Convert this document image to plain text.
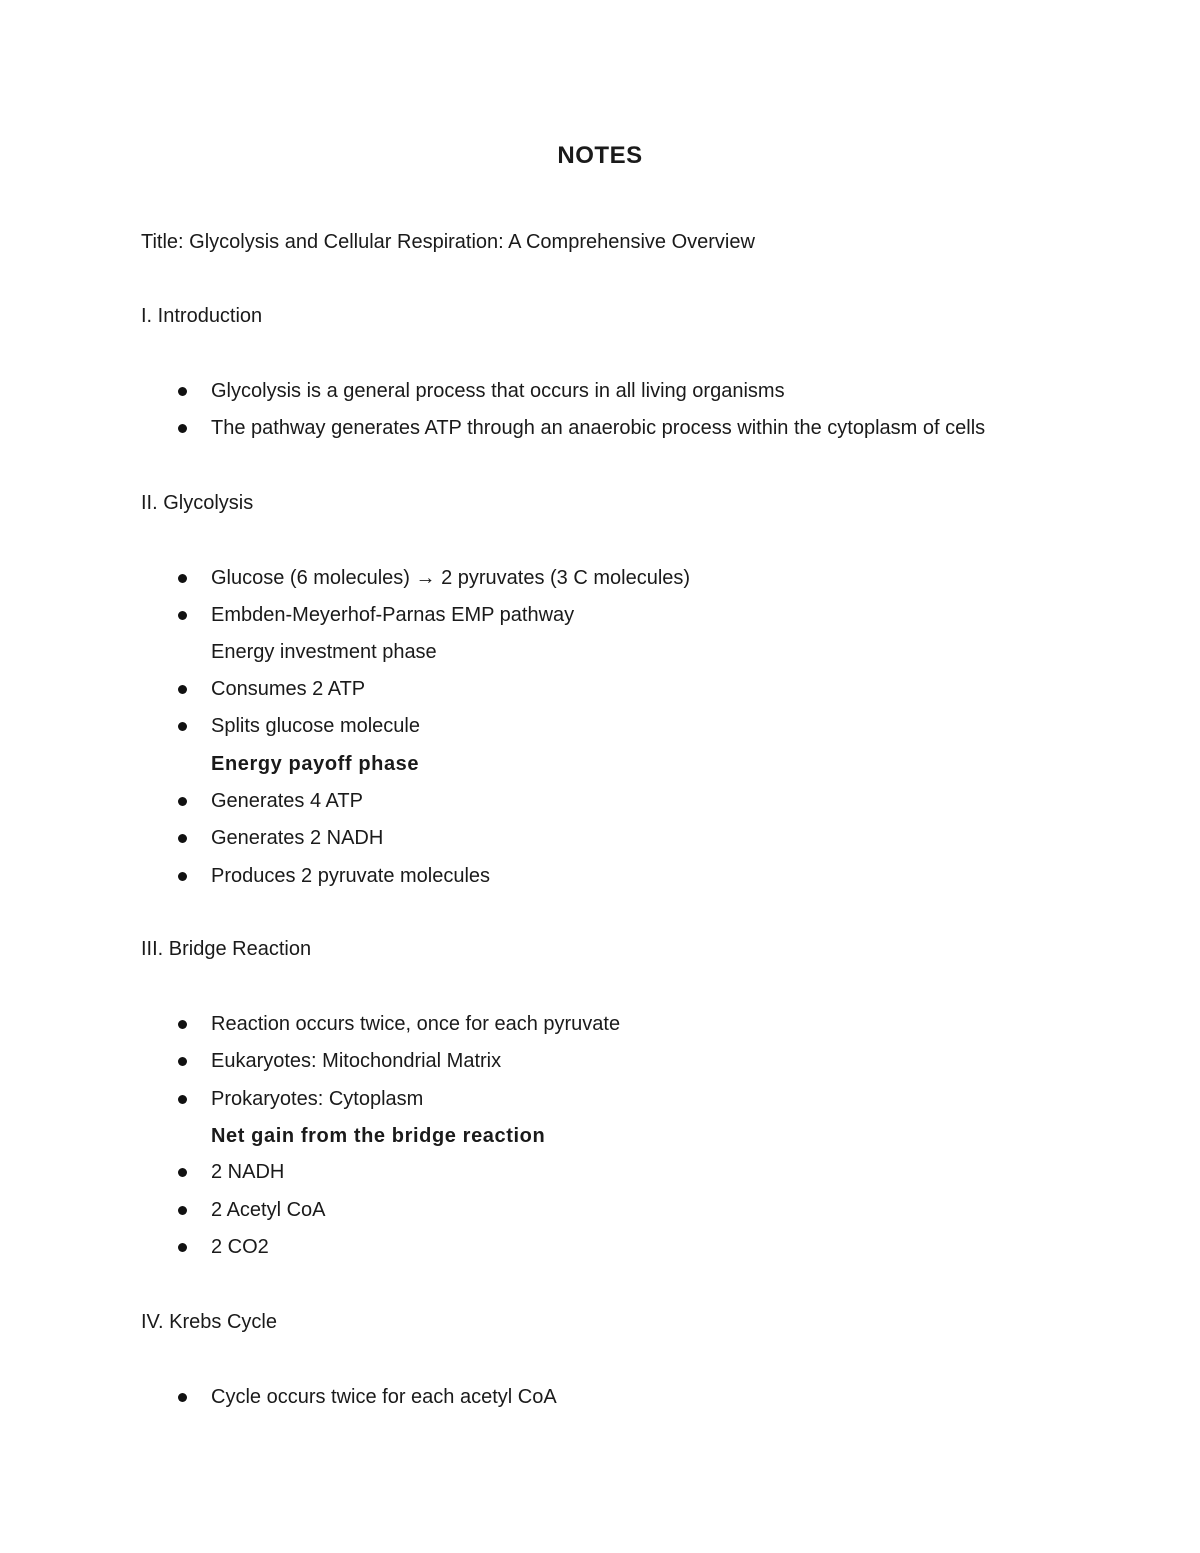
NOTES
Title: Glycolysis and Cellular Respiration: A Comprehensive Overview
I. Introduction
Glycolysis is a general process that occurs in all living organisms
The pathway generates ATP through an anaerobic process within the cytoplasm of cells
II. Glycolysis
Glucose (6 molecules) → 2 pyruvates (3 C molecules)
Embden-Meyerhof-Parnas EMP pathway
Energy investment phase
Consumes 2 ATP
Splits glucose molecule
Energy payoff phase
Generates 4 ATP
Generates 2 NADH
Produces 2 pyruvate molecules
III. Bridge Reaction
Reaction occurs twice, once for each pyruvate
Eukaryotes: Mitochondrial Matrix
Prokaryotes: Cytoplasm
Net gain from the bridge reaction
2 NADH
2 Acetyl CoA
2 CO2
IV. Krebs Cycle
Cycle occurs twice for each acetyl CoA
